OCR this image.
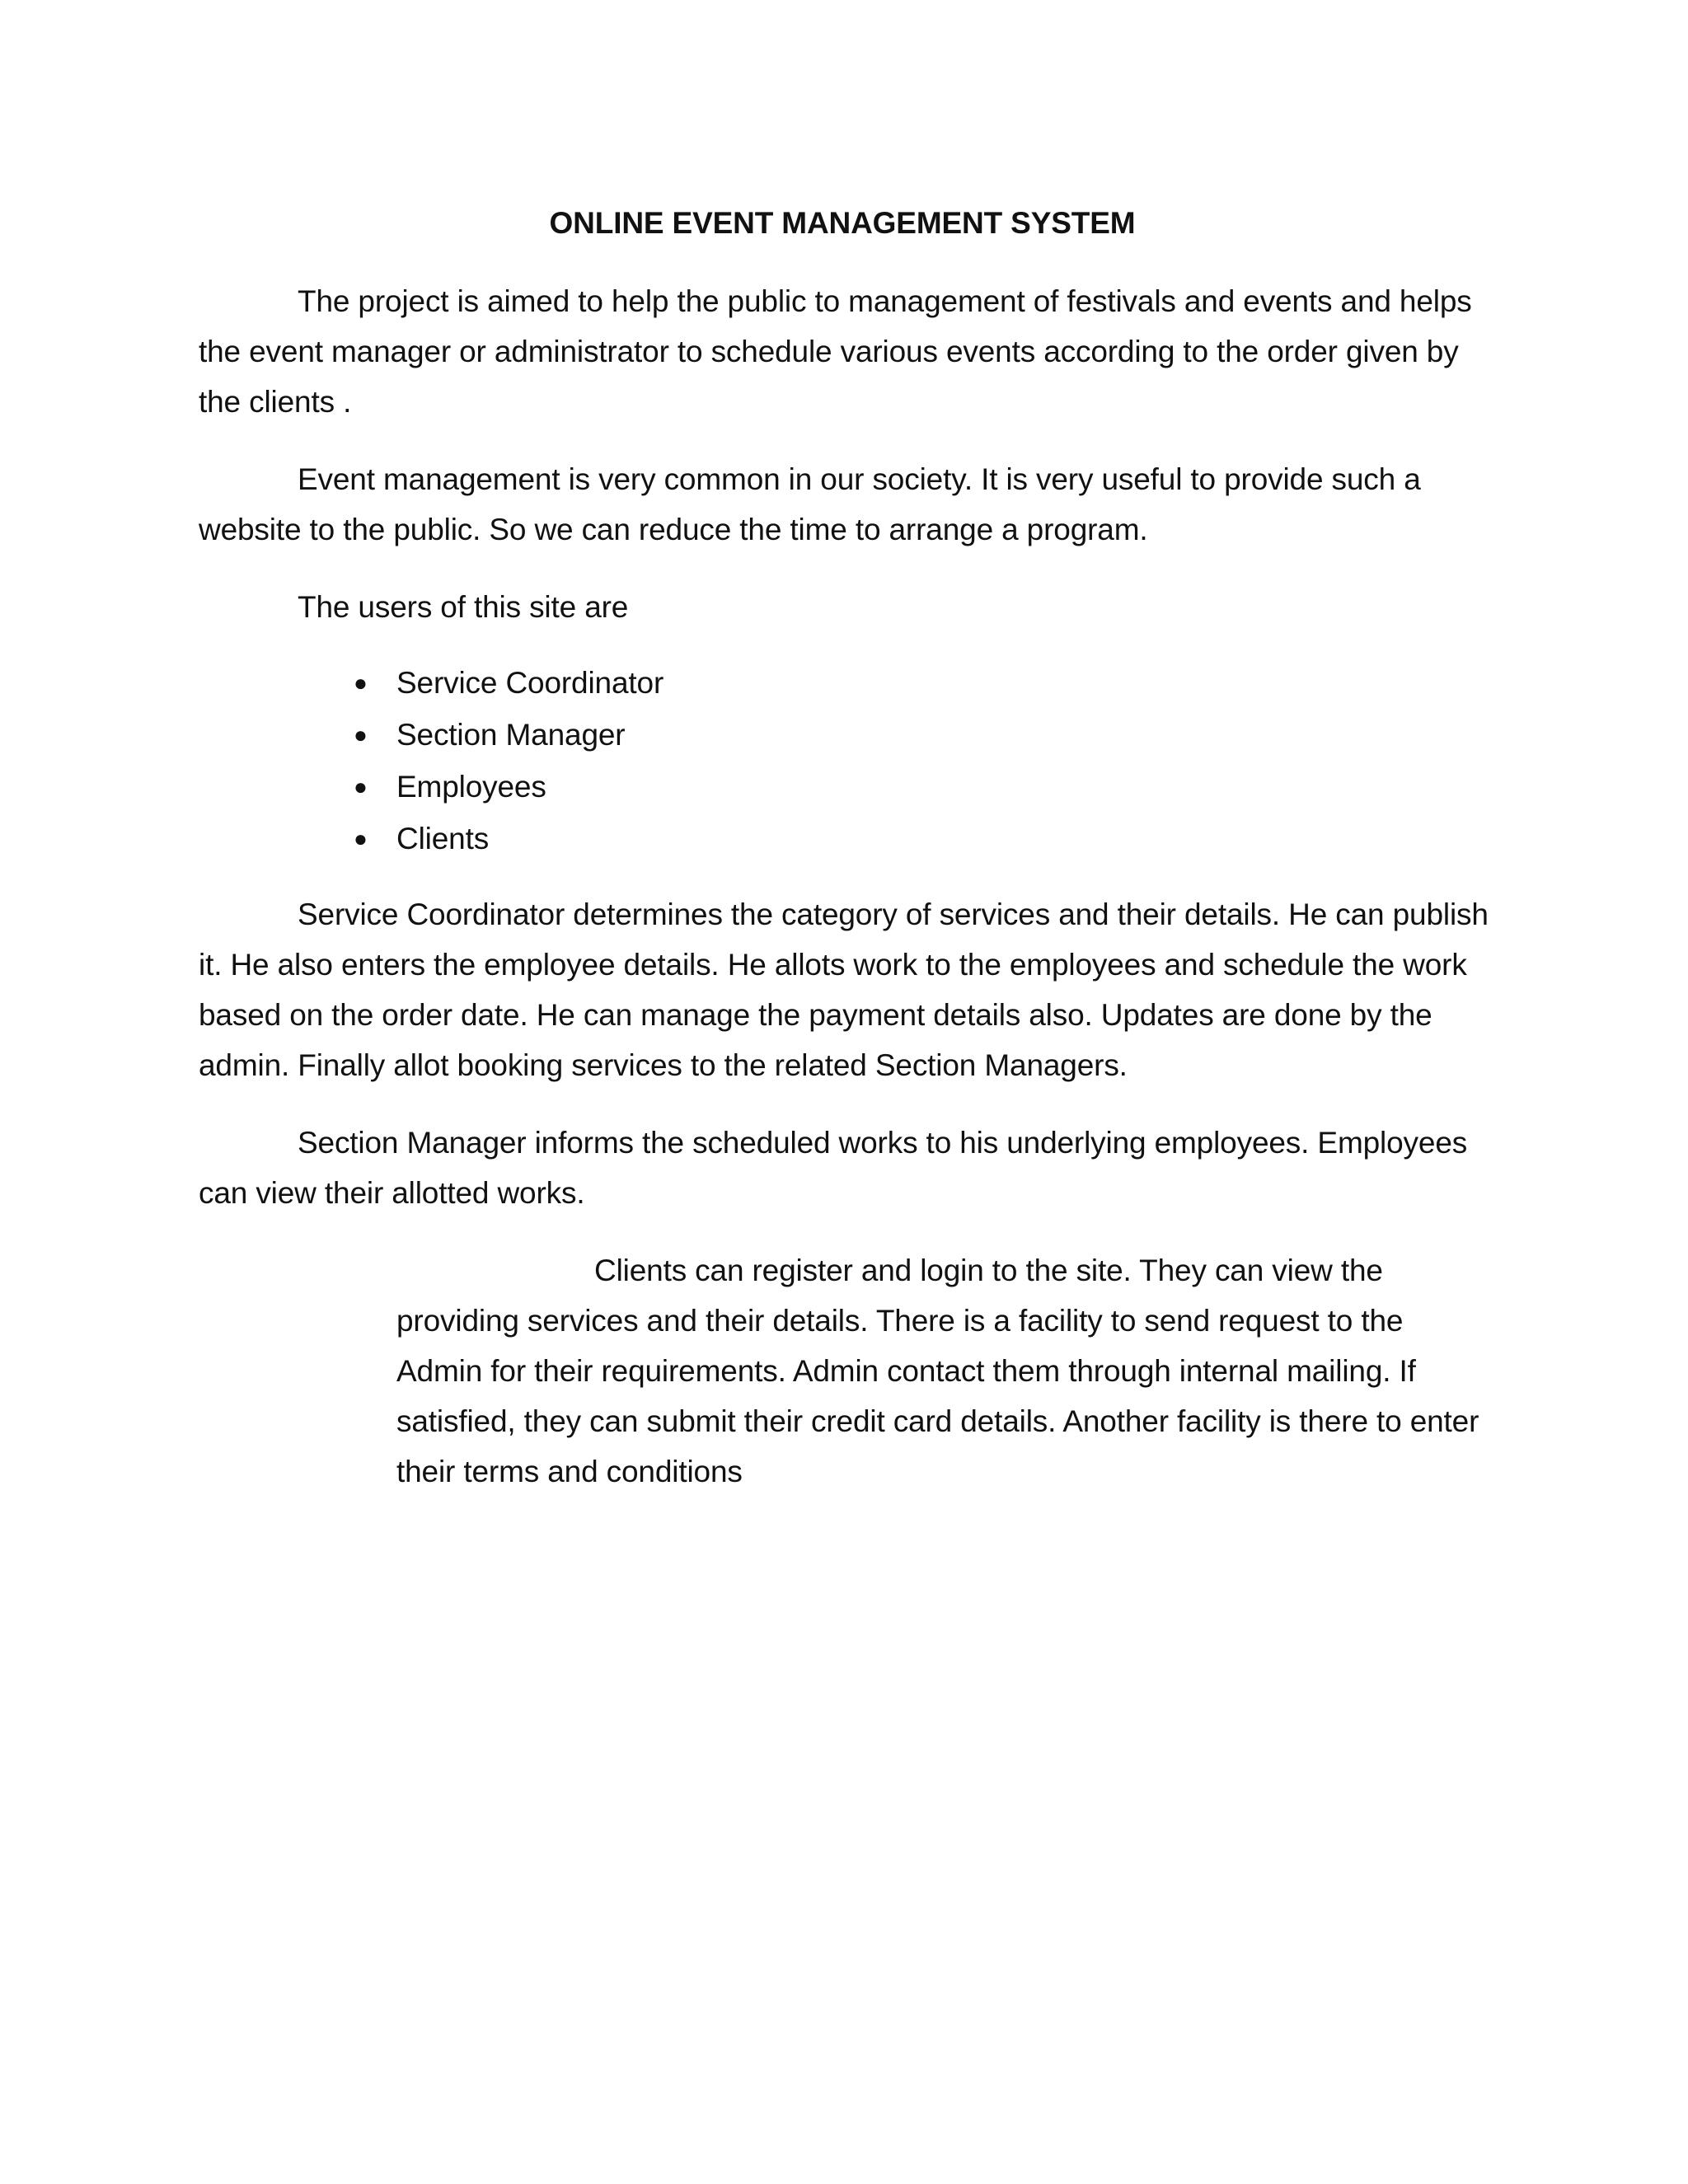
ONLINE EVENT MANAGEMENT SYSTEM

The project is aimed to help the public to management of festivals and events and helps the event manager or administrator to schedule various events according to the order given by the clients .

Event management is very common in our society. It is very useful to provide such a website to the public. So we can reduce the time to arrange a program.

The users of this site are

● Service Coordinator
● Section Manager
● Employees
● Clients

Service Coordinator determines the category of services and their details. He can publish it. He also enters the employee details. He allots work to the employees and schedule the work based on the order date. He can manage the payment details also. Updates are done by the admin. Finally allot booking services to the related Section Managers.

Section Manager informs the scheduled works to his underlying employees. Employees can view their allotted works.

Clients can register and login to the site. They can view the providing services and their details. There is a facility to send request to the Admin for their requirements. Admin contact them through internal mailing. If satisfied, they can submit their credit card details. Another facility is there to enter their terms and conditions
